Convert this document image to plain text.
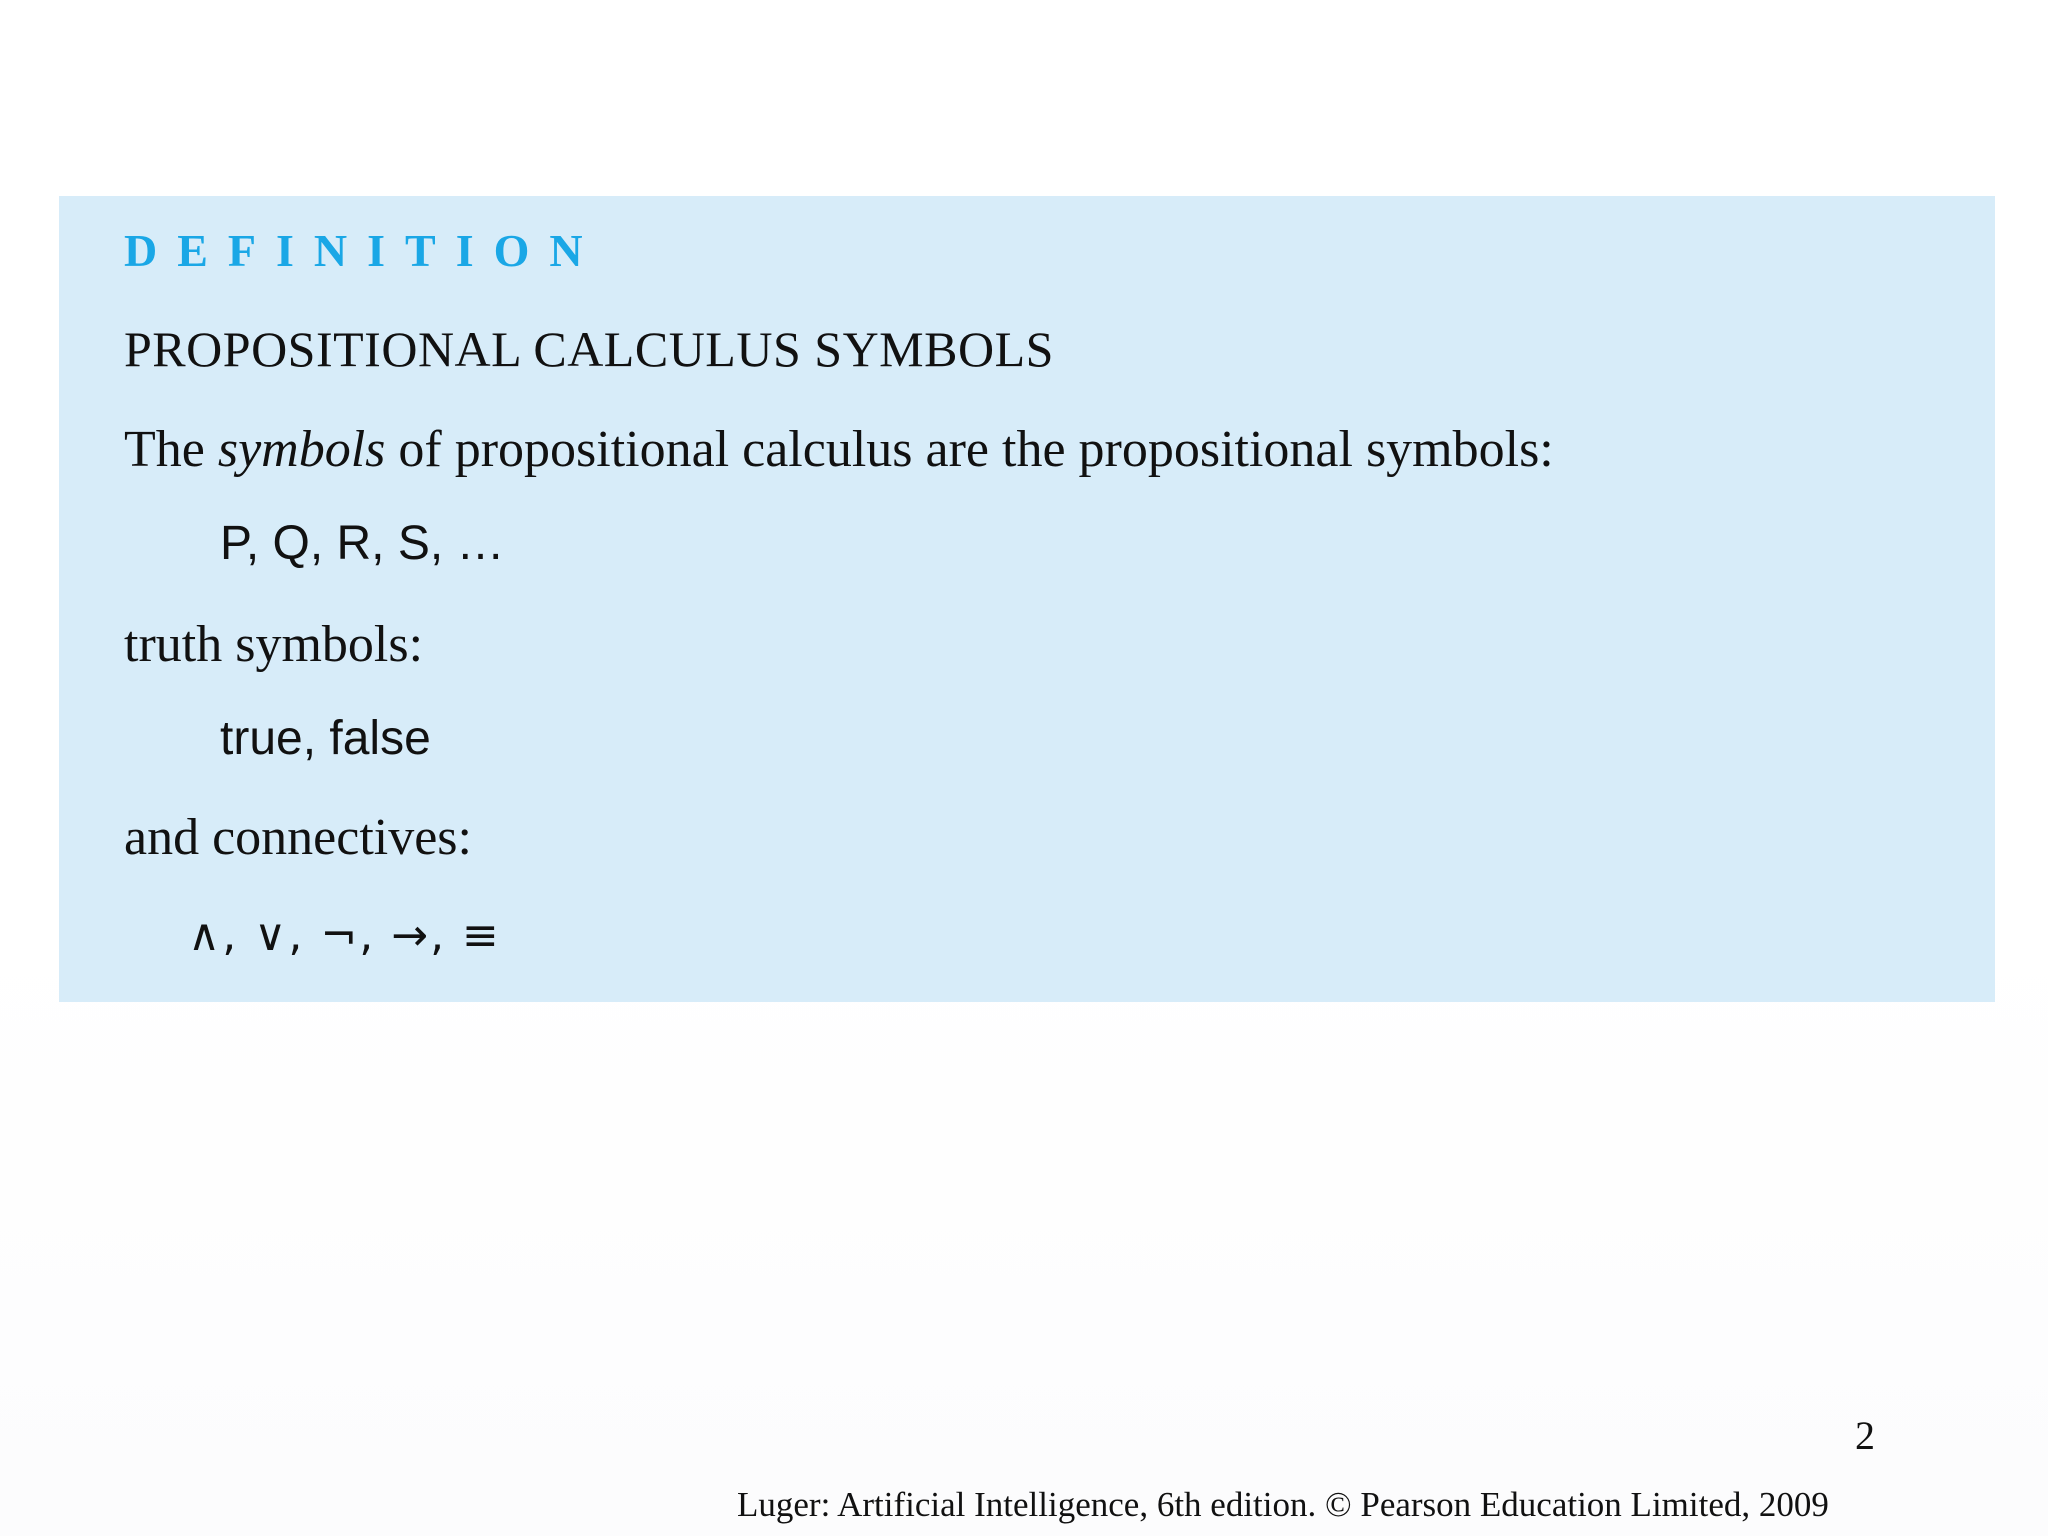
DEFINITION
PROPOSITIONAL CALCULUS SYMBOLS
The symbols of propositional calculus are the propositional symbols:
P, Q, R, S, …
truth symbols:
true, false
and connectives:
∧, ∨, ¬, →, ≡
2
Luger: Artificial Intelligence, 6th edition. © Pearson Education Limited, 2009
